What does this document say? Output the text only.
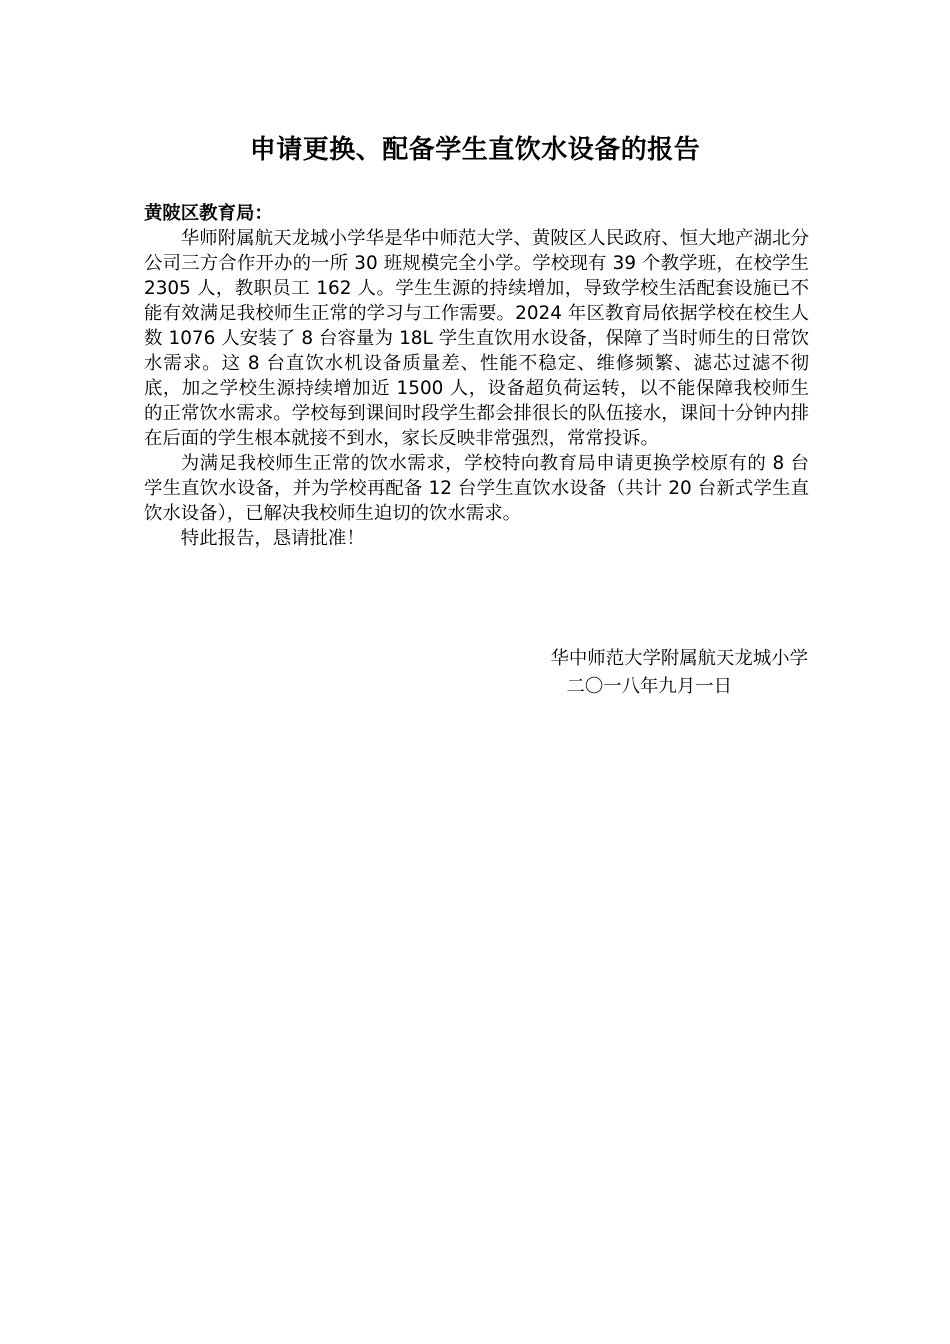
申请更换、配备学生直饮水设备的报告

黄陂区教育局：

华师附属航天龙城小学华是华中师范大学、黄陂区人民政府、恒大地产湖北分公司三方合作开办的一所 30 班规模完全小学。学校现有 39 个教学班，在校学生 2305 人，教职员工 162 人。学生生源的持续增加，导致学校生活配套设施已不能有效满足我校师生正常的学习与工作需要。2024 年区教育局依据学校在校生人数 1076 人安装了 8 台容量为 18L 学生直饮用水设备，保障了当时师生的日常饮水需求。这 8 台直饮水机设备质量差、性能不稳定、维修频繁、滤芯过滤不彻底，加之学校生源持续增加近 1500 人，设备超负荷运转，以不能保障我校师生的正常饮水需求。学校每到课间时段学生都会排很长的队伍接水，课间十分钟内排在后面的学生根本就接不到水，家长反映非常强烈，常常投诉。

为满足我校师生正常的饮水需求，学校特向教育局申请更换学校原有的 8 台学生直饮水设备，并为学校再配备 12 台学生直饮水设备（共计 20 台新式学生直饮水设备），已解决我校师生迫切的饮水需求。

特此报告，恳请批准！

华中师范大学附属航天龙城小学
二〇一八年九月一日
